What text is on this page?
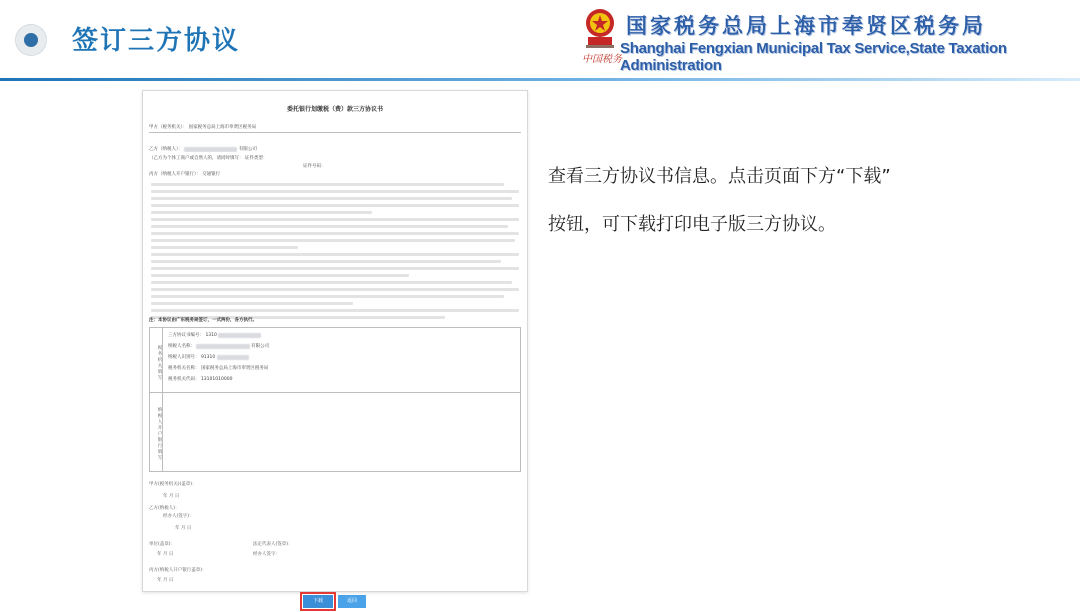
签订三方协议
中国税务
国家税务总局上海市奉贤区税务局
Shanghai Fengxian Municipal Tax Service,State Taxation Administration
委托银行划缴税（费）款三方协议书
甲方（税务机关）： 国家税务总局上海市奉贤区税务局
乙方（纳税人）：	有限公司
（乙方为个体工商户或自然人的，请同时填写： 证件类型：
证件号码：
丙方（纳税人开户银行）： 交通银行
注：本协议由广东税务局签订，一式两份，各方执行。
税务机关填写
三方协议书编号： 1310
纳税人名称：	有限公司
纳税人识别号： 91310
税务机关名称： 国家税务总局上海市奉贤区税务局
税务机关代码： 13101010000
纳税人开户银行填写
甲方(税务机关)(盖章)：
年 月 日
乙方(纳税人)：
经办人(签字)：
年 月 日
单位(盖章)：	法定代表人(签章)：
年 月 日	经办人签字：
丙方(纳税人开户银行盖章)：
年 月 日
下载	返回
查看三方协议书信息。点击页面下方“下载”
按钮，可下载打印电子版三方协议。
